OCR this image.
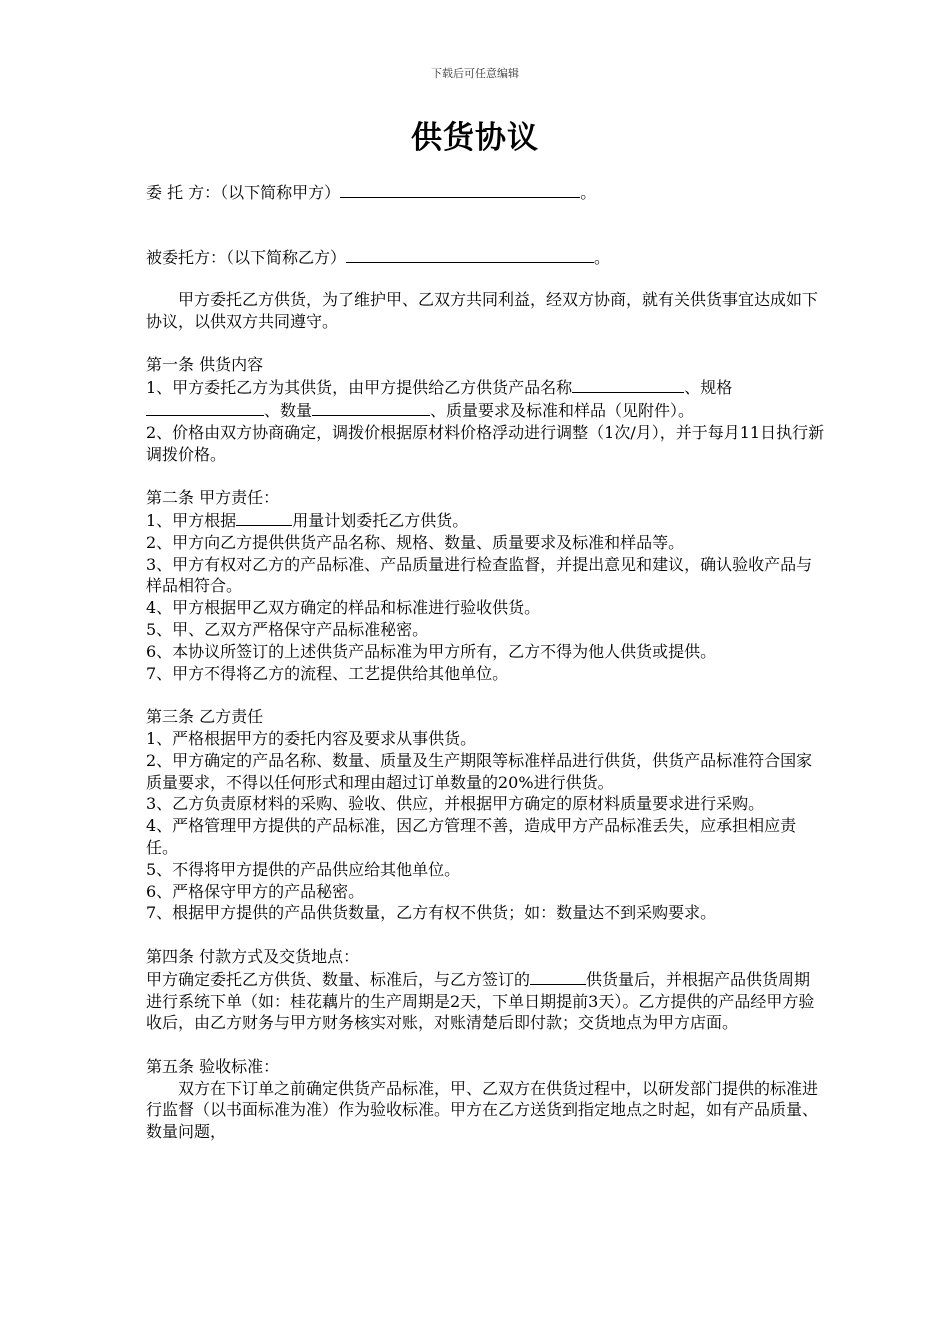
下载后可任意编辑
供货协议
委 托 方：（以下简称甲方）	。
被委托方：（以下简称乙方）	。

甲方委托乙方供货，为了维护甲、乙双方共同利益，经双方协商，就有关供货事宜达成如下协议，以供双方共同遵守。

第一条 供货内容

1、甲方委托乙方为其供货，由甲方提供给乙方供货产品名称	、规格、数量	、质量要求及标准和样品（见附件）。

2、价格由双方协商确定，调拨价根据原材料价格浮动进行调整（1次/月），并于每月11日执行新调拨价格。

第二条 甲方责任：

1、甲方根据	用量计划委托乙方供货。

2、甲方向乙方提供供货产品名称、规格、数量、质量要求及标准和样品等。

3、甲方有权对乙方的产品标准、产品质量进行检查监督，并提出意见和建议，确认验收产品与样品相符合。

4、甲方根据甲乙双方确定的样品和标准进行验收供货。

5、甲、乙双方严格保守产品标准秘密。

6、本协议所签订的上述供货产品标准为甲方所有，乙方不得为他人供货或提供。

7、甲方不得将乙方的流程、工艺提供给其他单位。

第三条 乙方责任

1、严格根据甲方的委托内容及要求从事供货。

2、甲方确定的产品名称、数量、质量及生产期限等标准样品进行供货，供货产品标准符合国家质量要求，不得以任何形式和理由超过订单数量的20%进行供货。

3、乙方负责原材料的采购、验收、供应，并根据甲方确定的原材料质量要求进行采购。

4、严格管理甲方提供的产品标准，因乙方管理不善，造成甲方产品标准丢失，应承担相应责任。

5、不得将甲方提供的产品供应给其他单位。

6、严格保守甲方的产品秘密。

7、根据甲方提供的产品供货数量，乙方有权不供货；如：数量达不到采购要求。

第四条 付款方式及交货地点：

甲方确定委托乙方供货、数量、标准后，与乙方签订的	供货量后，并根据产品供货周期进行系统下单（如：桂花藕片的生产周期是2天，下单日期提前3天）。乙方提供的产品经甲方验收后，由乙方财务与甲方财务核实对账，对账清楚后即付款；交货地点为甲方店面。

第五条 验收标准：

双方在下订单之前确定供货产品标准，甲、乙双方在供货过程中，以研发部门提供的标准进行监督（以书面标准为准）作为验收标准。甲方在乙方送货到指定地点之时起，如有产品质量、数量问题，
